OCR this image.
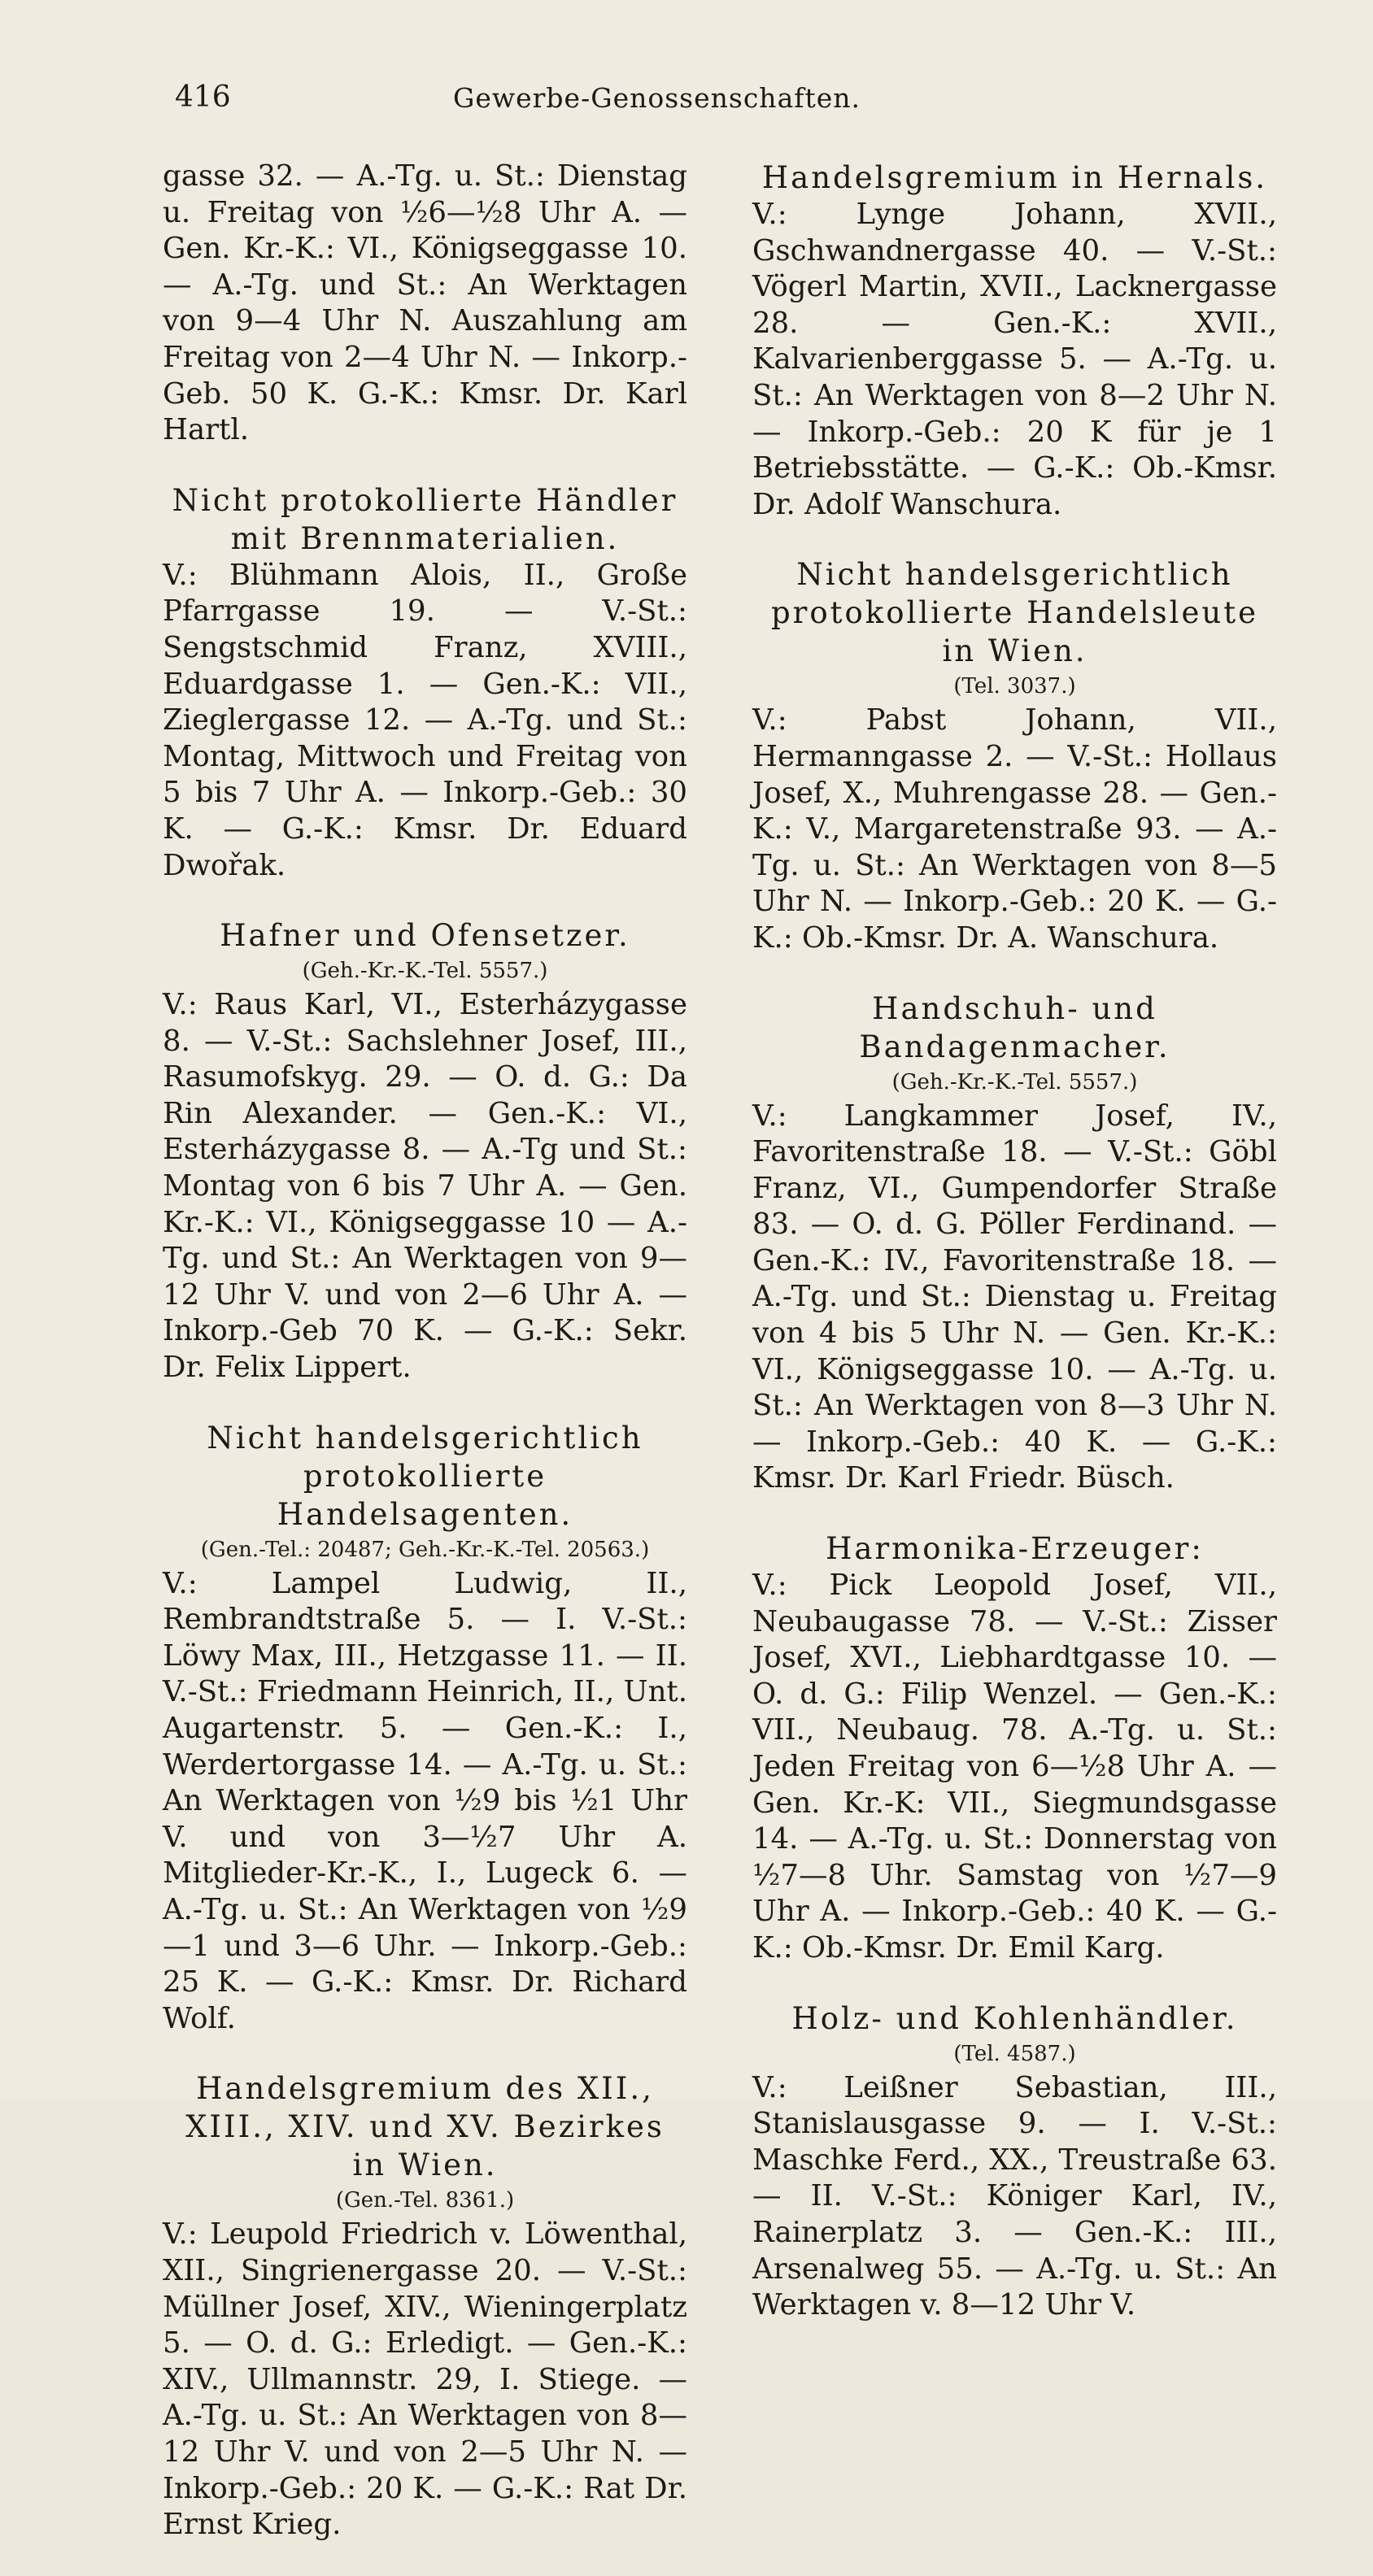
416	Gewerbe-Genossenschaften.
gasse 32. — A.-Tg. u. St.: Dienstag u. Freitag von ½6—½8 Uhr A. — Gen. Kr.-K.: VI., Königseggasse 10. — A.-Tg. und St.: An Werktagen von 9—4 Uhr N. Auszahlung am Freitag von 2—4 Uhr N. — Inkorp.-Geb. 50 K. G.-K.: Kmsr. Dr. Karl Hartl.
Nicht protokollierte Händler mit Brennmaterialien.
V.: Blühmann Alois, II., Große Pfarrgasse 19. — V.-St.: Sengstschmid Franz, XVIII., Eduardgasse 1. — Gen.-K.: VII., Zieglergasse 12. — A.-Tg. und St.: Montag, Mittwoch und Freitag von 5 bis 7 Uhr A. — Inkorp.-Geb.: 30 K. — G.-K.: Kmsr. Dr. Eduard Dwořak.
Hafner und Ofensetzer.
(Geh.-Kr.-K.-Tel. 5557.)
V.: Raus Karl, VI., Esterházygasse 8. — V.-St.: Sachslehner Josef, III., Rasumofskyg. 29. — O. d. G.: Da Rin Alexander. — Gen.-K.: VI., Esterházygasse 8. — A.-Tg und St.: Montag von 6 bis 7 Uhr A. — Gen. Kr.-K.: VI., Königseggasse 10 — A.-Tg. und St.: An Werktagen von 9—12 Uhr V. und von 2—6 Uhr A. — Inkorp.-Geb 70 K. — G.-K.: Sekr. Dr. Felix Lippert.
Nicht handelsgerichtlich protokollierte Handelsagenten.
(Gen.-Tel.: 20487; Geh.-Kr.-K.-Tel. 20563.)
V.: Lampel Ludwig, II., Rembrandtstraße 5. — I. V.-St.: Löwy Max, III., Hetzgasse 11. — II. V.-St.: Friedmann Heinrich, II., Unt. Augartenstr. 5. — Gen.-K.: I., Werdertorgasse 14. — A.-Tg. u. St.: An Werktagen von ½9 bis ½1 Uhr V. und von 3—½7 Uhr A. Mitglieder-Kr.-K., I., Lugeck 6. — A.-Tg. u. St.: An Werktagen von ½9—1 und 3—6 Uhr. — Inkorp.-Geb.: 25 K. — G.-K.: Kmsr. Dr. Richard Wolf.
Handelsgremium des XII., XIII., XIV. und XV. Bezirkes in Wien.
(Gen.-Tel. 8361.)
V.: Leupold Friedrich v. Löwenthal, XII., Singrienergasse 20. — V.-St.: Müllner Josef, XIV., Wieningerplatz 5. — O. d. G.: Erledigt. — Gen.-K.: XIV., Ullmannstr. 29, I. Stiege. — A.-Tg. u. St.: An Werktagen von 8—12 Uhr V. und von 2—5 Uhr N. — Inkorp.-Geb.: 20 K. — G.-K.: Rat Dr. Ernst Krieg.
Handelsgremium in Hernals.
V.: Lynge Johann, XVII., Gschwandnergasse 40. — V.-St.: Vögerl Martin, XVII., Lacknergasse 28. — Gen.-K.: XVII., Kalvarienberggasse 5. — A.-Tg. u. St.: An Werktagen von 8—2 Uhr N. — Inkorp.-Geb.: 20 K für je 1 Betriebsstätte. — G.-K.: Ob.-Kmsr. Dr. Adolf Wanschura.
Nicht handelsgerichtlich protokollierte Handelsleute in Wien.
(Tel. 3037.)
V.: Pabst Johann, VII., Hermanngasse 2. — V.-St.: Hollaus Josef, X., Muhrengasse 28. — Gen.-K.: V., Margaretenstraße 93. — A.-Tg. u. St.: An Werktagen von 8—5 Uhr N. — Inkorp.-Geb.: 20 K. — G.-K.: Ob.-Kmsr. Dr. A. Wanschura.
Handschuh- und Bandagenmacher.
(Geh.-Kr.-K.-Tel. 5557.)
V.: Langkammer Josef, IV., Favoritenstraße 18. — V.-St.: Göbl Franz, VI., Gumpendorfer Straße 83. — O. d. G. Pöller Ferdinand. — Gen.-K.: IV., Favoritenstraße 18. — A.-Tg. und St.: Dienstag u. Freitag von 4 bis 5 Uhr N. — Gen. Kr.-K.: VI., Königseggasse 10. — A.-Tg. u. St.: An Werktagen von 8—3 Uhr N. — Inkorp.-Geb.: 40 K. — G.-K.: Kmsr. Dr. Karl Friedr. Büsch.
Harmonika-Erzeuger:
V.: Pick Leopold Josef, VII., Neubaugasse 78. — V.-St.: Zisser Josef, XVI., Liebhardtgasse 10. — O. d. G.: Filip Wenzel. — Gen.-K.: VII., Neubaug. 78. A.-Tg. u. St.: Jeden Freitag von 6—½8 Uhr A. — Gen. Kr.-K: VII., Siegmundsgasse 14. — A.-Tg. u. St.: Donnerstag von ½7—8 Uhr. Samstag von ½7—9 Uhr A. — Inkorp.-Geb.: 40 K. — G.-K.: Ob.-Kmsr. Dr. Emil Karg.
Holz- und Kohlenhändler.
(Tel. 4587.)
V.: Leißner Sebastian, III., Stanislausgasse 9. — I. V.-St.: Maschke Ferd., XX., Treustraße 63. — II. V.-St.: Königer Karl, IV., Rainerplatz 3. — Gen.-K.: III., Arsenalweg 55. — A.-Tg. u. St.: An Werktagen v. 8—12 Uhr V.
